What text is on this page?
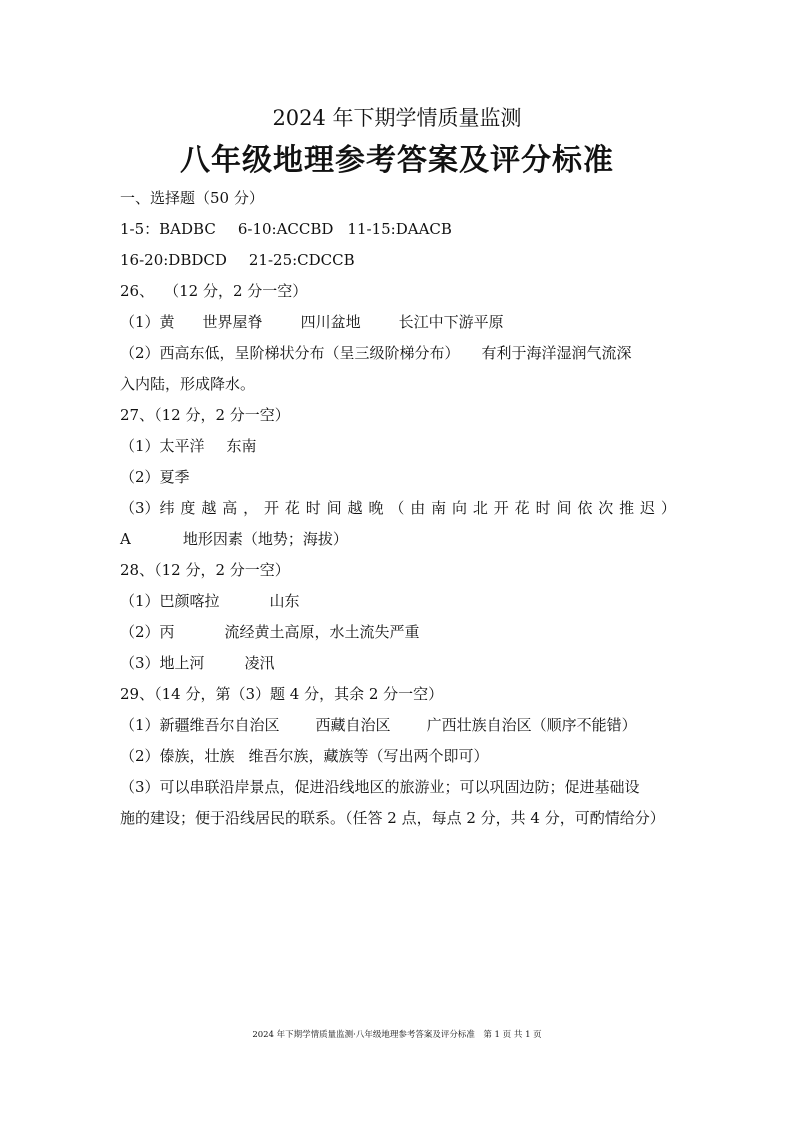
2024 年下期学情质量监测
八年级地理参考答案及评分标准
一、选择题（50 分）
1-5：BADBC 6-10:ACCBD 11-15:DAACB
16-20:DBDCD 21-25:CDCCB
26、 （12 分，2 分一空）
（1）黄 世界屋脊	四川盆地	长江中下游平原
（2）西高东低，呈阶梯状分布（呈三级阶梯分布） 有利于海洋湿润气流深
入内陆，形成降水。
27、（12 分，2 分一空）
（1）太平洋 东南
（2）夏季
（3）纬 度 越 高 ， 开 花 时 间 越 晚 （ 由 南 向 北 开 花 时 间 依 次 推 迟 ）
A	地形因素（地势；海拔）
28、（12 分，2 分一空）
（1）巴颜喀拉	山东
（2）丙	流经黄土高原，水土流失严重
（3）地上河	凌汛
29、（14 分，第（3）题 4 分，其余 2 分一空）
（1）新疆维吾尔自治区 西藏自治区 广西壮族自治区（顺序不能错）
（2）傣族，壮族 维吾尔族，藏族等（写出两个即可）
（3）可以串联沿岸景点，促进沿线地区的旅游业；可以巩固边防；促进基础设
施的建设；便于沿线居民的联系。（任答 2 点，每点 2 分，共 4 分，可酌情给分）
2024 年下期学情质量监测·八年级地理参考答案及评分标准　第 1 页 共 1 页
